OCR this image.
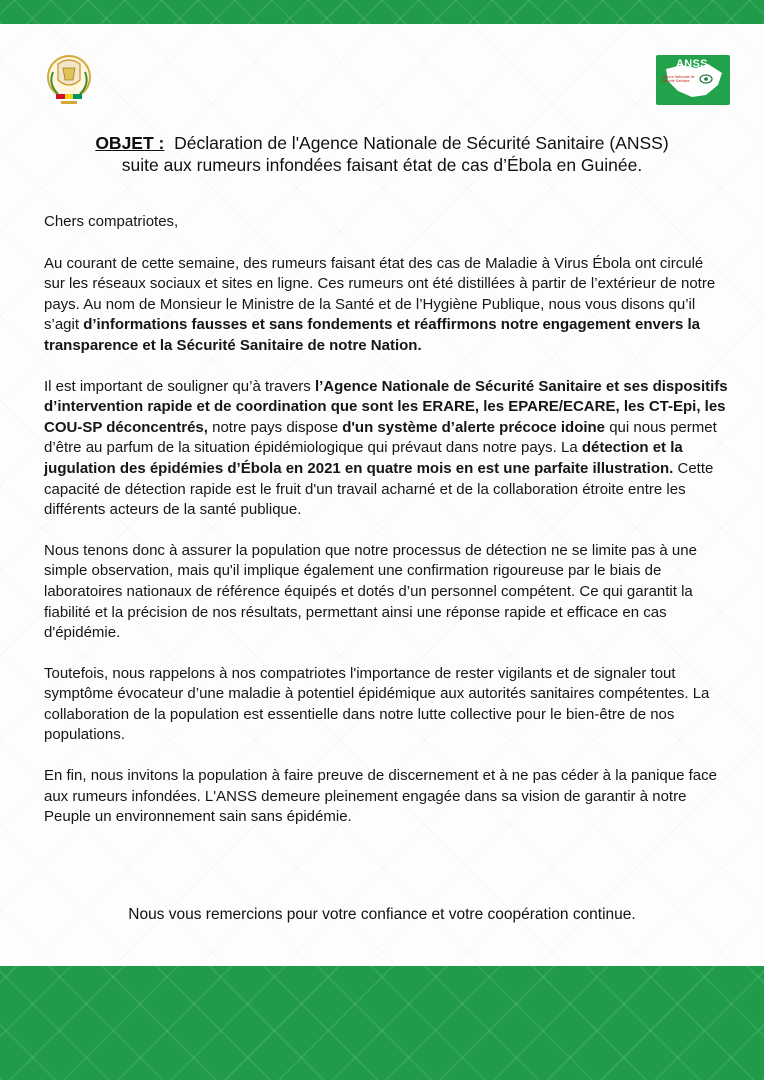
ANSS
Agence Nationale de Sécurité Sanitaire
OBJET : Déclaration de l'Agence Nationale de Sécurité Sanitaire (ANSS)
suite aux rumeurs infondées faisant état de cas d’Ébola en Guinée.

Chers compatriotes,

Au courant de cette semaine, des rumeurs faisant état des cas de Maladie à Virus Ébola ont circulé sur les réseaux sociaux et sites en ligne. Ces rumeurs ont été distillées à partir de l’extérieur de notre pays. Au nom de Monsieur le Ministre de la Santé et de l’Hygiène Publique, nous vous disons qu’il s’agit d’informations fausses et sans fondements et réaffirmons notre engagement envers la transparence et la Sécurité Sanitaire de notre Nation.

Il est important de souligner qu’à travers l’Agence Nationale de Sécurité Sanitaire et ses dispositifs d’intervention rapide et de coordination que sont les ERARE, les EPARE/ECARE, les CT-Epi, les COU-SP déconcentrés, notre pays dispose d'un système d’alerte précoce idoine qui nous permet d’être au parfum de la situation épidémiologique qui prévaut dans notre pays. La détection et la jugulation des épidémies d’Ébola en 2021 en quatre mois en est une parfaite illustration. Cette capacité de détection rapide est le fruit d'un travail acharné et de la collaboration étroite entre les différents acteurs de la santé publique.

Nous tenons donc à assurer la population que notre processus de détection ne se limite pas à une simple observation, mais qu'il implique également une confirmation rigoureuse par le biais de laboratoires nationaux de référence équipés et dotés d’un personnel compétent. Ce qui garantit la fiabilité et la précision de nos résultats, permettant ainsi une réponse rapide et efficace en cas d'épidémie.

Toutefois, nous rappelons à nos compatriotes l'importance de rester vigilants et de signaler tout symptôme évocateur d’une maladie à potentiel épidémique aux autorités sanitaires compétentes. La collaboration de la population est essentielle dans notre lutte collective pour le bien-être de nos populations.

En fin, nous invitons la population à faire preuve de discernement et à ne pas céder à la panique face aux rumeurs infondées. L'ANSS demeure pleinement engagée dans sa vision de garantir à notre Peuple un environnement sain sans épidémie.

Nous vous remercions pour votre confiance et votre coopération continue.
